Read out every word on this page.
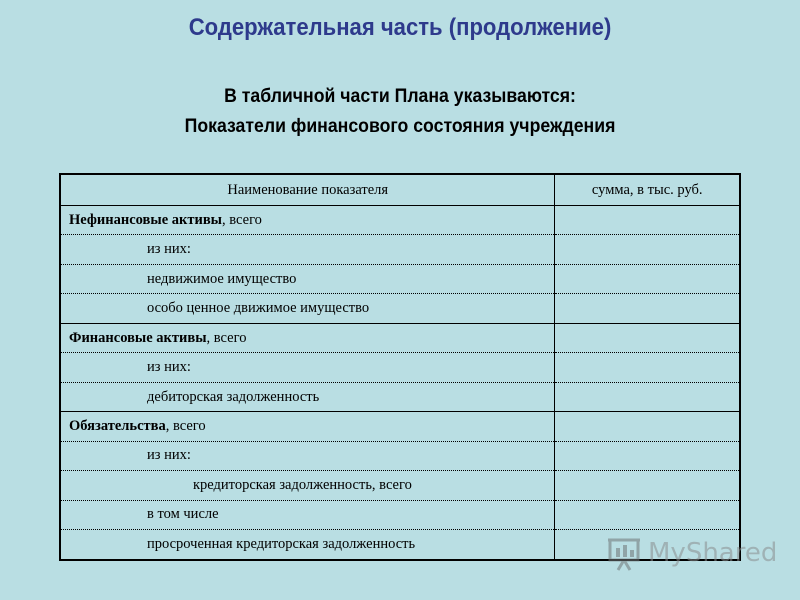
Содержательная часть (продолжение)
В табличной части Плана указываются:
Показатели финансового состояния учреждения
Наименование показателя	сумма, в тыс. руб.
Нефинансовые активы, всего	
из них:	
недвижимое имущество	
особо ценное движимое имущество	
Финансовые активы, всего	
из них:	
дебиторская задолженность	
Обязательства, всего	
из них:	
кредиторская задолженность, всего	
в том числе	
просроченная кредиторская задолженность		MyShared
